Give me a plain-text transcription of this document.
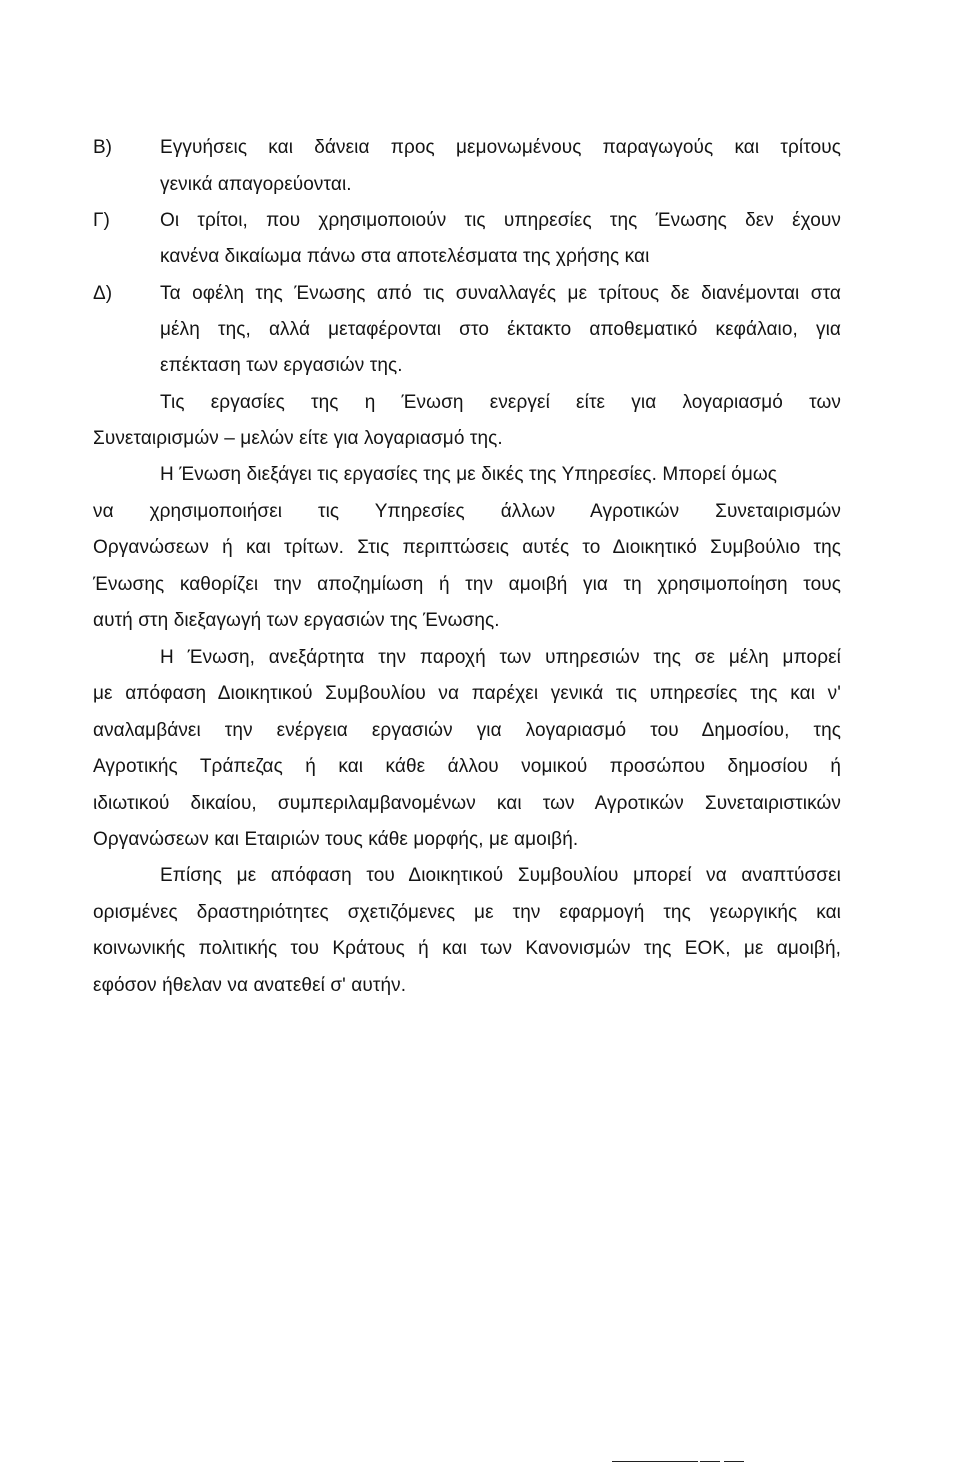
B)	Εγγυήσεις και δάνεια προς μεμονωμένους παραγωγούς και τρίτους
γενικά απαγορεύονται.
Γ)	Οι τρίτοι, που χρησιμοποιούν τις υπηρεσίες της Ένωσης δεν έχουν
κανένα δικαίωμα πάνω στα αποτελέσματα της χρήσης και
Δ)	Τα οφέλη της Ένωσης από τις συναλλαγές με τρίτους δε διανέμονται στα
μέλη της, αλλά μεταφέρονται στο έκτακτο αποθεματικό κεφάλαιο, για
επέκταση των εργασιών της.
Τις εργασίες της η Ένωση ενεργεί είτε για λογαριασμό των
Συνεταιρισμών – μελών είτε για λογαριασμό της.
Η Ένωση διεξάγει τις εργασίες της με δικές της Υπηρεσίες. Μπορεί όμως
να χρησιμοποιήσει τις Υπηρεσίες άλλων Αγροτικών Συνεταιρισμών
Οργανώσεων ή και τρίτων. Στις περιπτώσεις αυτές το Διοικητικό Συμβούλιο της
Ένωσης καθορίζει την αποζημίωση ή την αμοιβή για τη χρησιμοποίηση τους
αυτή στη διεξαγωγή των εργασιών της Ένωσης.
Η Ένωση, ανεξάρτητα την παροχή των υπηρεσιών της σε μέλη μπορεί
με απόφαση Διοικητικού Συμβουλίου να παρέχει γενικά τις υπηρεσίες της και ν'
αναλαμβάνει την ενέργεια εργασιών για λογαριασμό του Δημοσίου, της
Αγροτικής Τράπεζας ή και κάθε άλλου νομικού προσώπου δημοσίου ή
ιδιωτικού δικαίου, συμπεριλαμβανομένων και των Αγροτικών Συνεταιριστικών
Οργανώσεων και Εταιριών τους κάθε μορφής, με αμοιβή.
Επίσης με απόφαση του Διοικητικού Συμβουλίου μπορεί να αναπτύσσει
ορισμένες δραστηριότητες σχετιζόμενες με την εφαρμογή της γεωργικής και
κοινωνικής πολιτικής του Κράτους ή και των Κανονισμών της ΕΟΚ, με αμοιβή,
εφόσον ήθελαν να ανατεθεί σ' αυτήν.
